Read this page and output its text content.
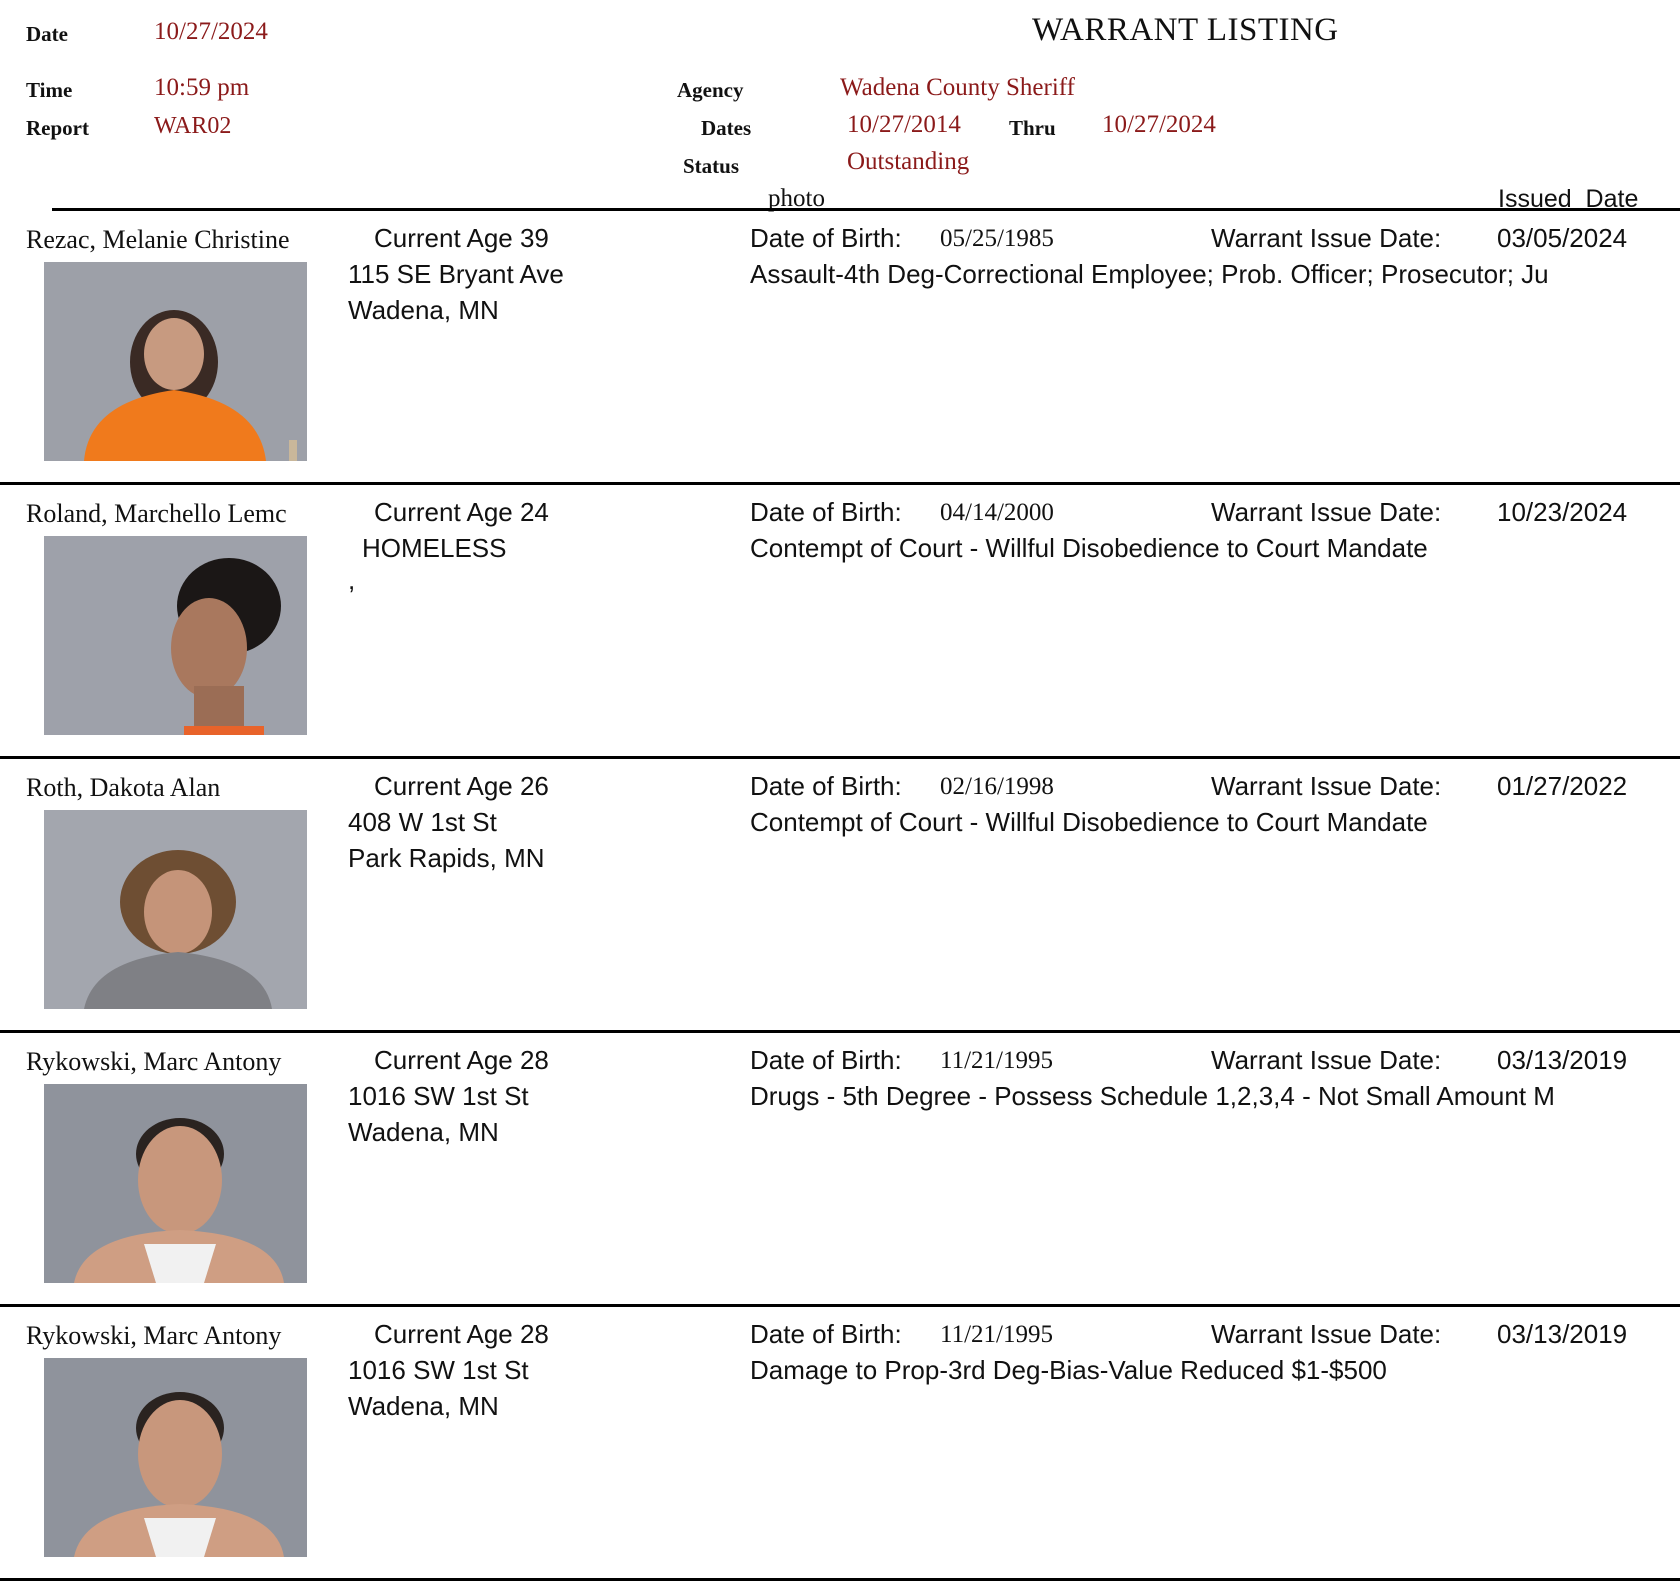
Date	10/27/2024
Time	10:59 pm
Report	WAR02
WARRANT LISTING
Agency	Wadena County Sheriff
Dates	10/27/2014 Thru 10/27/2024
Status	Outstanding
photo	Issued  Date
Rezac, Melanie Christine	Current Age 39
115 SE Bryant Ave
Wadena, MN
Date of Birth: 05/25/1985	Warrant Issue Date: 03/05/2024
Assault-4th Deg-Correctional Employee; Prob. Officer; Prosecutor; Ju
Roland, Marchello Lemc	Current Age 24
HOMELESS
,
Date of Birth: 04/14/2000	Warrant Issue Date: 10/23/2024
Contempt of Court - Willful Disobedience to Court Mandate
Roth, Dakota Alan	Current Age 26
408 W 1st St
Park Rapids, MN
Date of Birth: 02/16/1998	Warrant Issue Date: 01/27/2022
Contempt of Court - Willful Disobedience to Court Mandate
Rykowski, Marc Antony	Current Age 28
1016 SW 1st St
Wadena, MN
Date of Birth: 11/21/1995	Warrant Issue Date: 03/13/2019
Drugs - 5th Degree - Possess Schedule 1,2,3,4 - Not Small Amount M
Rykowski, Marc Antony	Current Age 28
1016 SW 1st St
Wadena, MN
Date of Birth: 11/21/1995	Warrant Issue Date: 03/13/2019
Damage to Prop-3rd Deg-Bias-Value Reduced $1-$500
